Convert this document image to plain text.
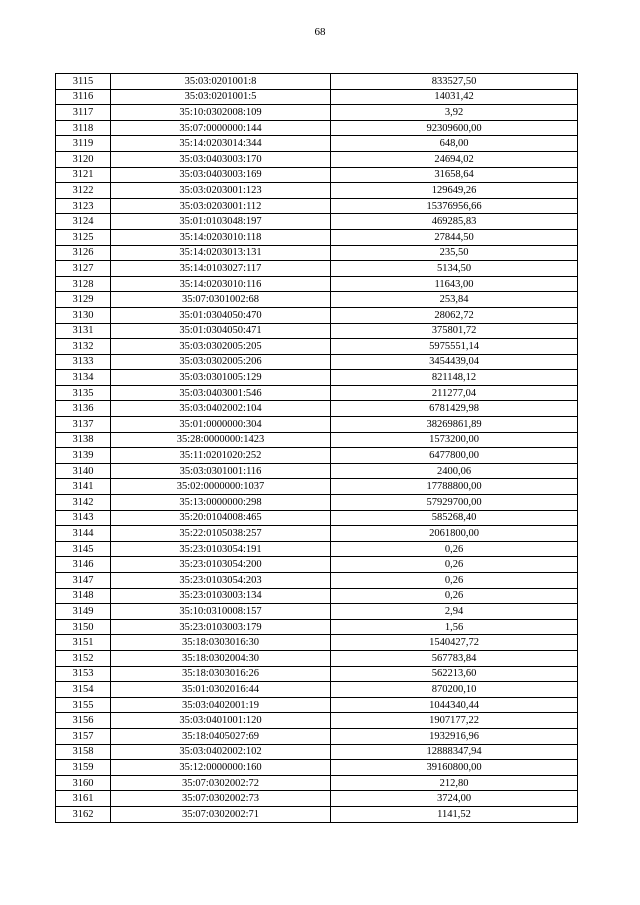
68
3115	35:03:0201001:8	833527,50
3116	35:03:0201001:5	14031,42
3117	35:10:0302008:109	3,92
3118	35:07:0000000:144	92309600,00
3119	35:14:0203014:344	648,00
3120	35:03:0403003:170	24694,02
3121	35:03:0403003:169	31658,64
3122	35:03:0203001:123	129649,26
3123	35:03:0203001:112	15376956,66
3124	35:01:0103048:197	469285,83
3125	35:14:0203010:118	27844,50
3126	35:14:0203013:131	235,50
3127	35:14:0103027:117	5134,50
3128	35:14:0203010:116	11643,00
3129	35:07:0301002:68	253,84
3130	35:01:0304050:470	28062,72
3131	35:01:0304050:471	375801,72
3132	35:03:0302005:205	5975551,14
3133	35:03:0302005:206	3454439,04
3134	35:03:0301005:129	821148,12
3135	35:03:0403001:546	211277,04
3136	35:03:0402002:104	6781429,98
3137	35:01:0000000:304	38269861,89
3138	35:28:0000000:1423	1573200,00
3139	35:11:0201020:252	6477800,00
3140	35:03:0301001:116	2400,06
3141	35:02:0000000:1037	17788800,00
3142	35:13:0000000:298	57929700,00
3143	35:20:0104008:465	585268,40
3144	35:22:0105038:257	2061800,00
3145	35:23:0103054:191	0,26
3146	35:23:0103054:200	0,26
3147	35:23:0103054:203	0,26
3148	35:23:0103003:134	0,26
3149	35:10:0310008:157	2,94
3150	35:23:0103003:179	1,56
3151	35:18:0303016:30	1540427,72
3152	35:18:0302004:30	567783,84
3153	35:18:0303016:26	562213,60
3154	35:01:0302016:44	870200,10
3155	35:03:0402001:19	1044340,44
3156	35:03:0401001:120	1907177,22
3157	35:18:0405027:69	1932916,96
3158	35:03:0402002:102	12888347,94
3159	35:12:0000000:160	39160800,00
3160	35:07:0302002:72	212,80
3161	35:07:0302002:73	3724,00
3162	35:07:0302002:71	1141,52
